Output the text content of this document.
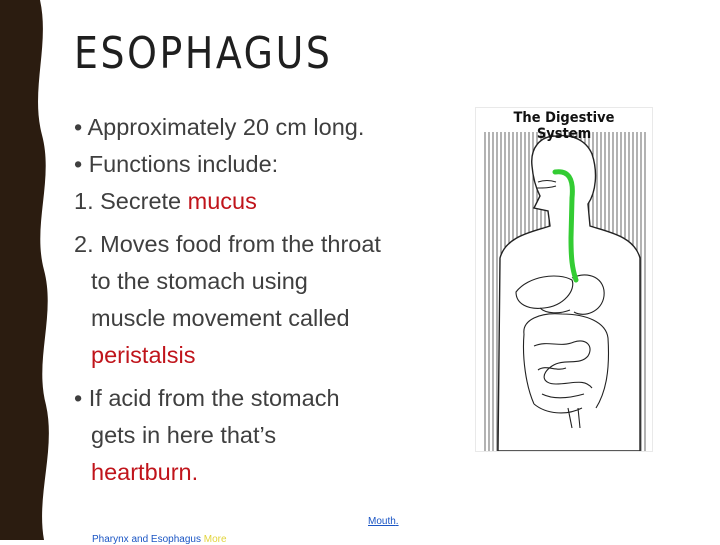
ESOPHAGUS
• Approximately 20 cm long.
• Functions include:
1. Secrete mucus
2. Moves food from the throat
to the stomach using
muscle movement called
peristalsis
• If acid from the stomach
gets in here that’s
heartburn.
The Digestive System
Mouth.
Pharynx and Esophagus More
